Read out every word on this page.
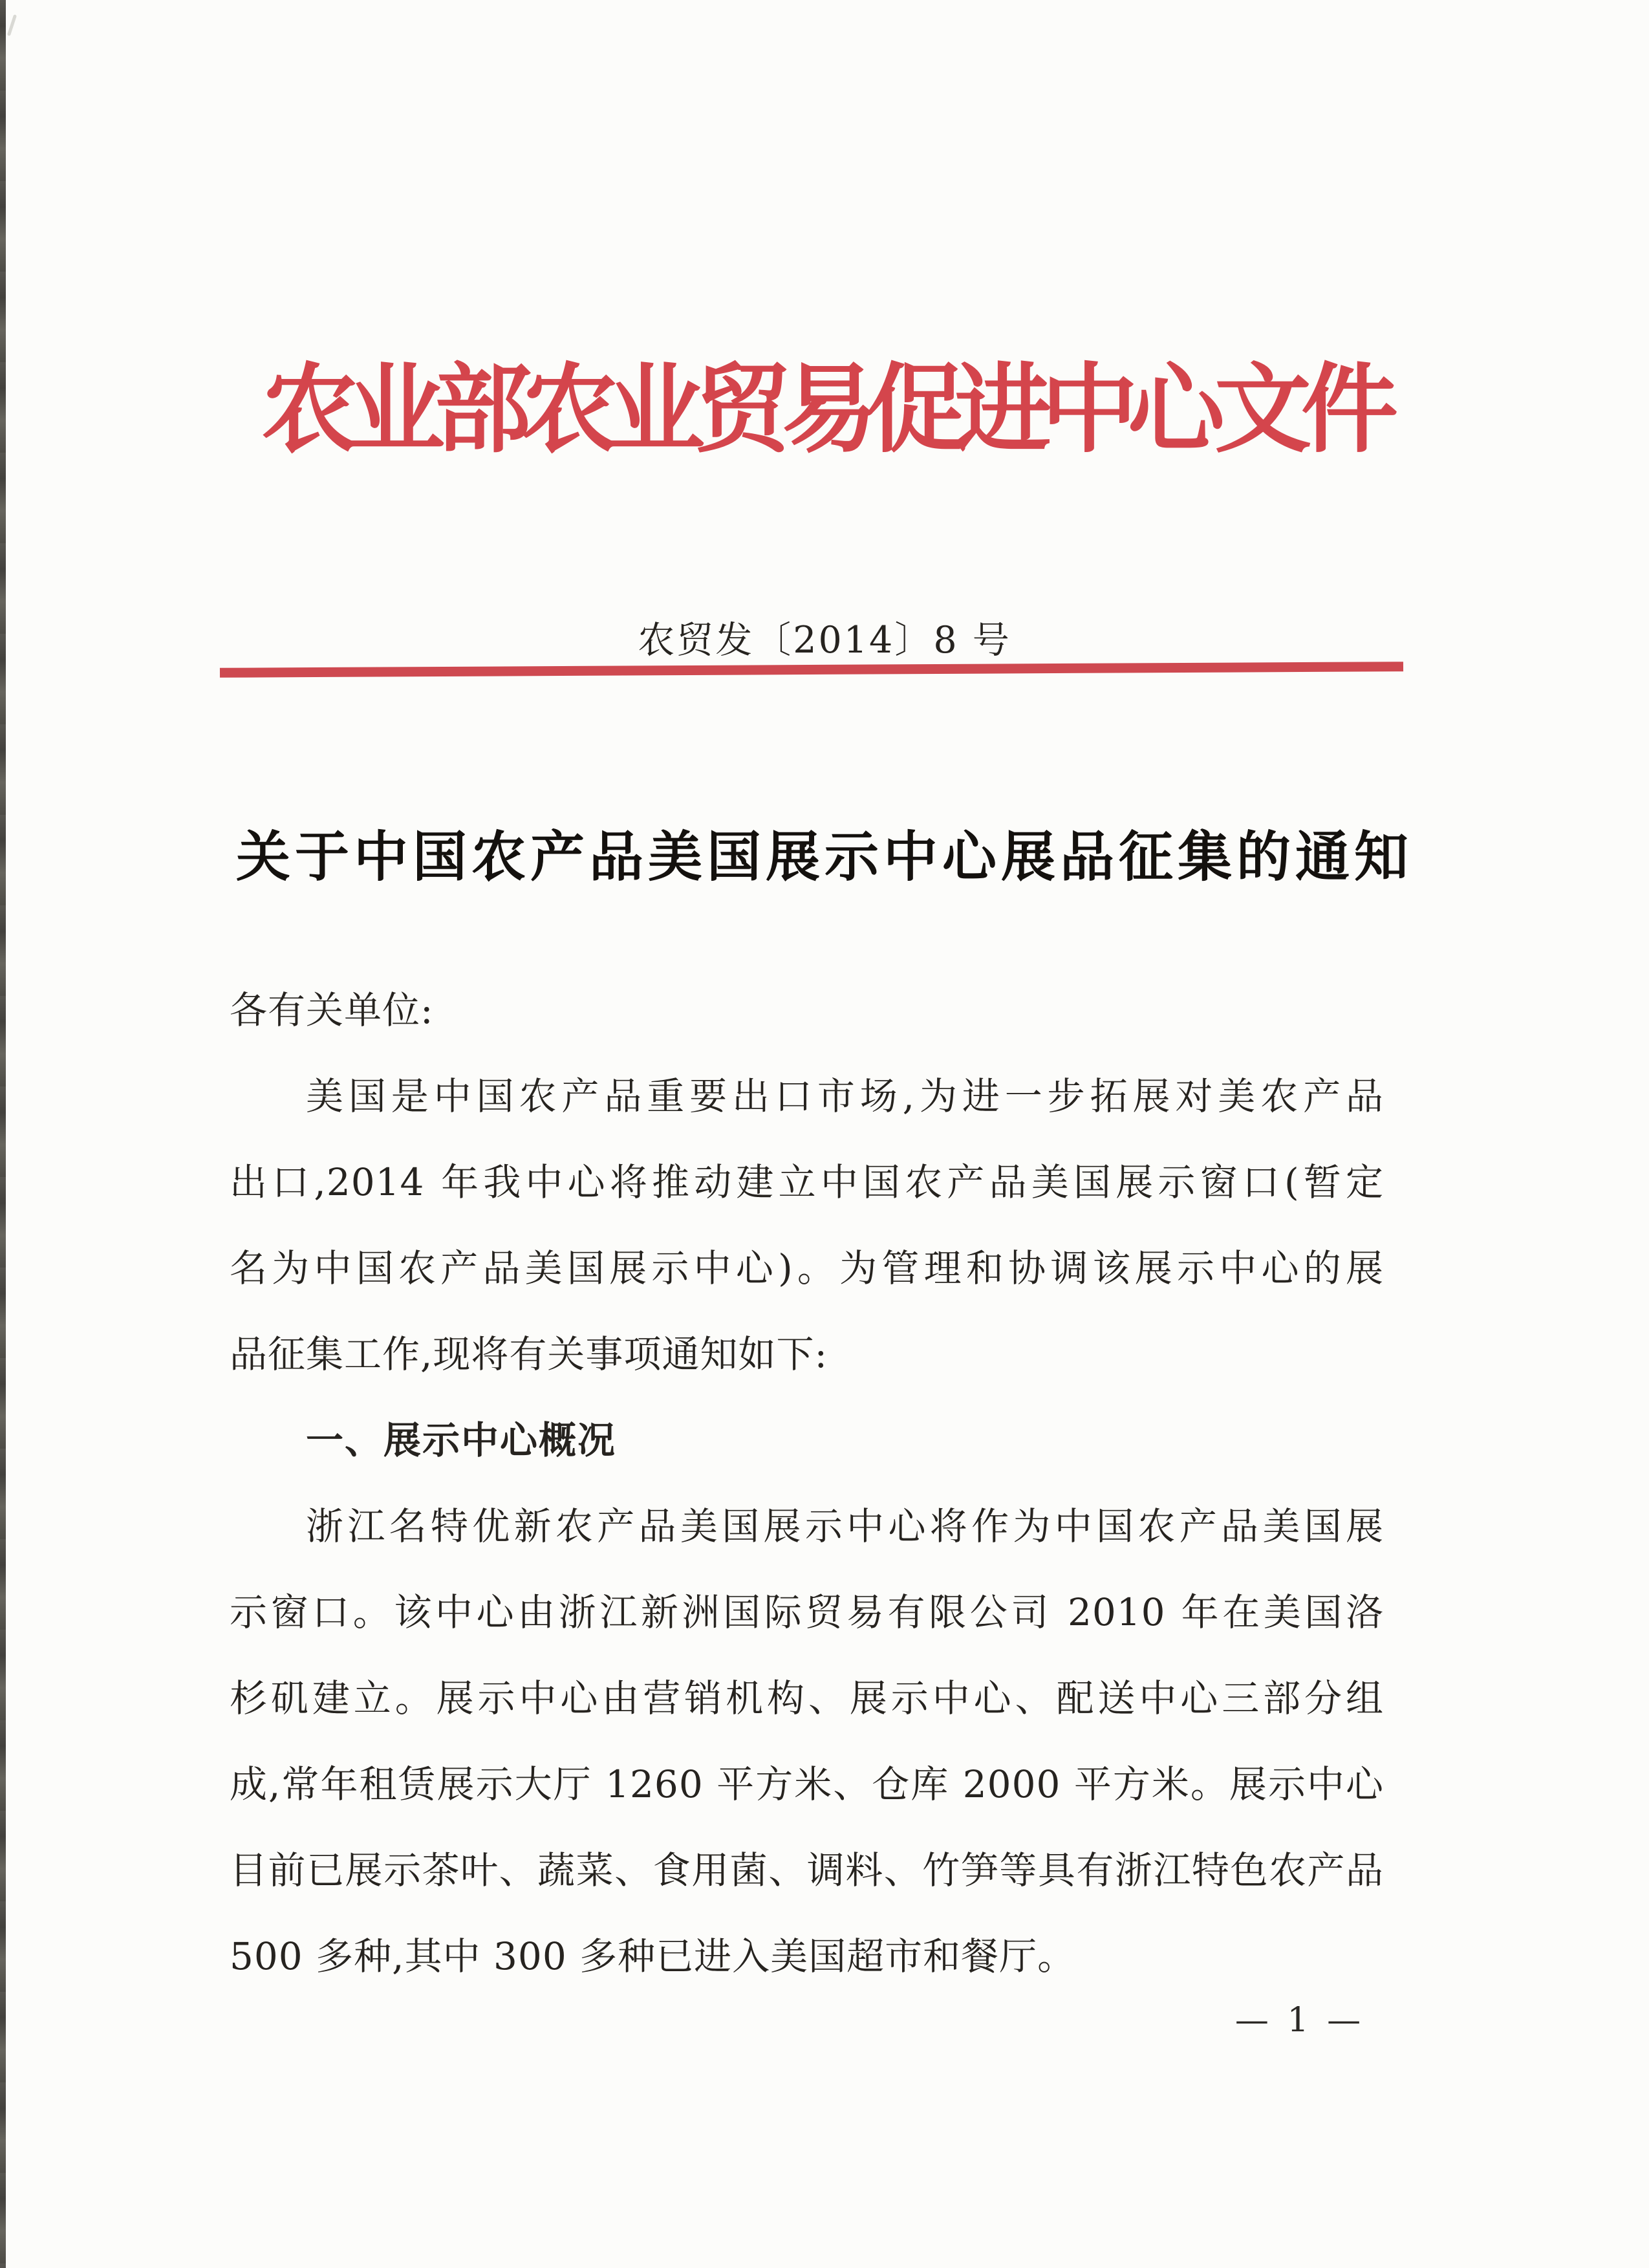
农业部农业贸易促进中心文件
农贸发〔2014〕8 号
关于中国农产品美国展示中心展品征集的通知
各有关单位:
美国是中国农产品重要出口市场,为进一步拓展对美农产品
出口,2014 年我中心将推动建立中国农产品美国展示窗口(暂定
名为中国农产品美国展示中心)。为管理和协调该展示中心的展
品征集工作,现将有关事项通知如下:
一、展示中心概况
浙江名特优新农产品美国展示中心将作为中国农产品美国展
示窗口。该中心由浙江新洲国际贸易有限公司 2010 年在美国洛
杉矶建立。展示中心由营销机构、展示中心、配送中心三部分组
成,常年租赁展示大厅 1260 平方米、仓库 2000 平方米。展示中心
目前已展示茶叶、蔬菜、食用菌、调料、竹笋等具有浙江特色农产品
500 多种,其中 300 多种已进入美国超市和餐厅。
— 1 —
